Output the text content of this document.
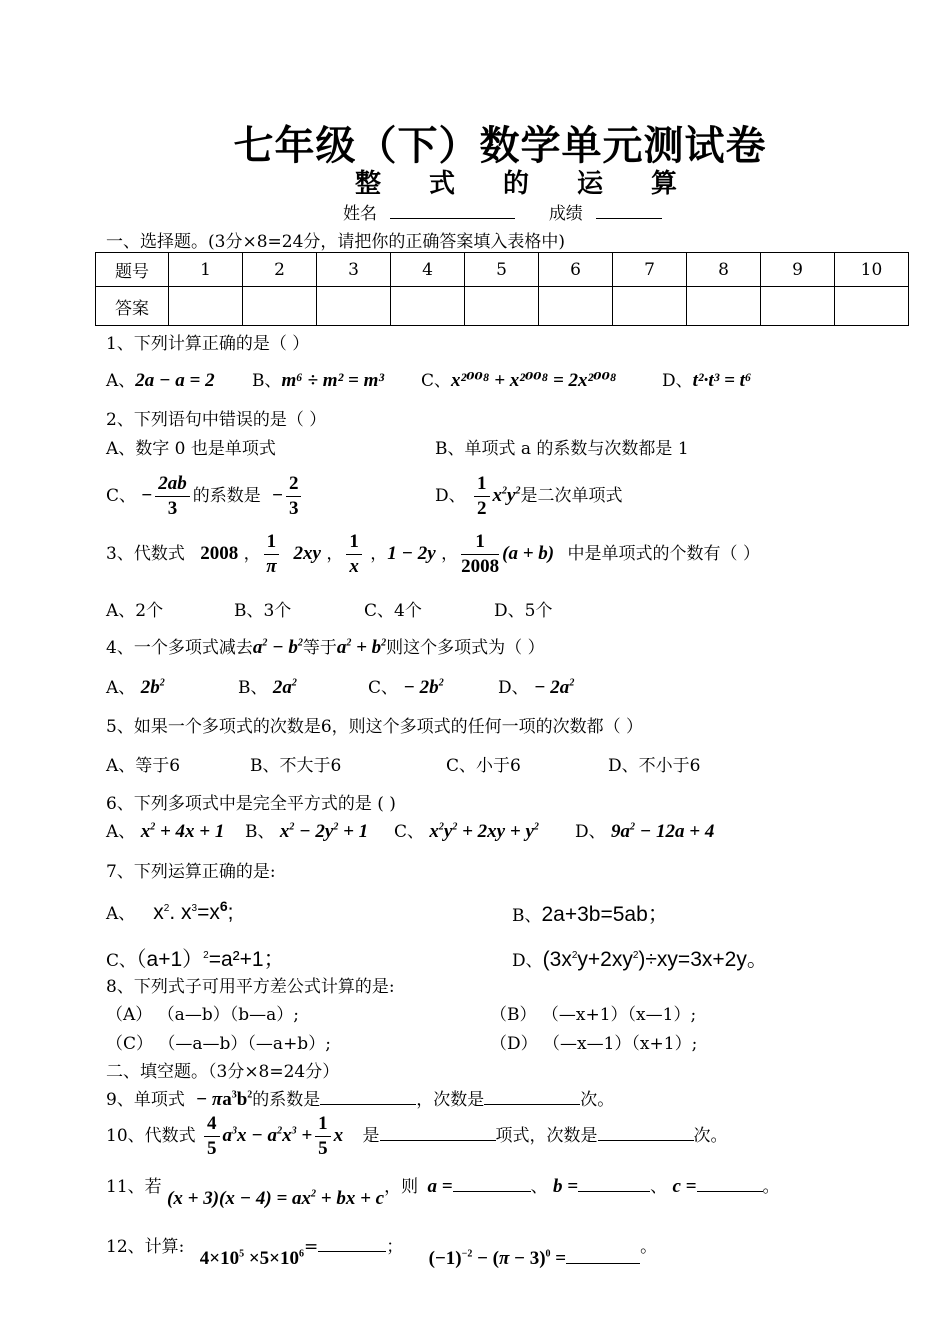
七年级（下）数学单元测试卷
整式的运算
姓名	成绩
一、选择题。(3分×8=24分，请把你的正确答案填入表格中)
题号	1	2	3	4	5	6	7	8	9	10
答案										
1、下列计算正确的是（ ）
A、2a − a = 2 B、m⁶ ÷ m² = m³ C、x²⁰⁰⁸ + x²⁰⁰⁸ = 2x²⁰⁰⁸	D、t²·t³ = t⁶
2、下列语句中错误的是（ ）
A、数字 0 也是单项式	B、单项式 a 的系数与次数都是 1
C、 − $\frac{2ab}{3}$ 的系数是 − $\frac{2}{3}$	D、 $\frac{1}{2} x^2y^2$是二次单项式
3、代数式 2008 ， $\frac{1}{\pi} 2xy$ ， $\frac{1}{x}$ ，1 − 2y ， $\frac{1}{2008} (a + b)$ 中是单项式的个数有（ ）
A、2个	B、3个	C、4个	D、5个
4、一个多项式减去$a^2 - b^2$等于$a^2 + b^2$则这个多项式为（ ）
A、 $2b^2$	B、 $2a^2$	C、 − $2b^2$	D、 − $2a^2$
5、如果一个多项式的次数是6，则这个多项式的任何一项的次数都（ ）
A、等于6	B、不大于6	C、小于6	D、不小于6
6、下列多项式中是完全平方式的是 ( )
A、 $x^2 + 4x + 1$ B、 $x^2 - 2y^2 + 1$ C、 $x^2y^2 + 2xy + y^2$ D、 $9a^2 - 12a + 4$
7、下列运算正确的是:
A、 $x^2$. $x^3=x^6$;	B、2a+3b=5ab；
C、$(a+1)^2=a^2+1$；	D、$(3x^2y+2xy^2)\div xy=3x+2y$。
8、下列式子可用平方差公式计算的是:
（A） （a—b）（b—a）;	（B） （—x+1）（x—1）;
（C） （—a—b）（—a+b）;	（D） （—x—1）（x+1）;
二、填空题。（3分×8=24分）
9、单项式 − $\pi a^3b^2$的系数是	，次数是	次。
10、代数式 $\frac{4}{5} a^3x - a^2x^3 + \frac{1}{5}$ x 是	项式，次数是	次。
11、若 $(x + 3)(x - 4) = ax^2$ + bx + c，则 a =	、 b =	、 c =	。
12、计算: $4\times 10^5 \times 5\times 10^6=$	； $(-1)^{-2} - (\pi - 3)^0$ =。
